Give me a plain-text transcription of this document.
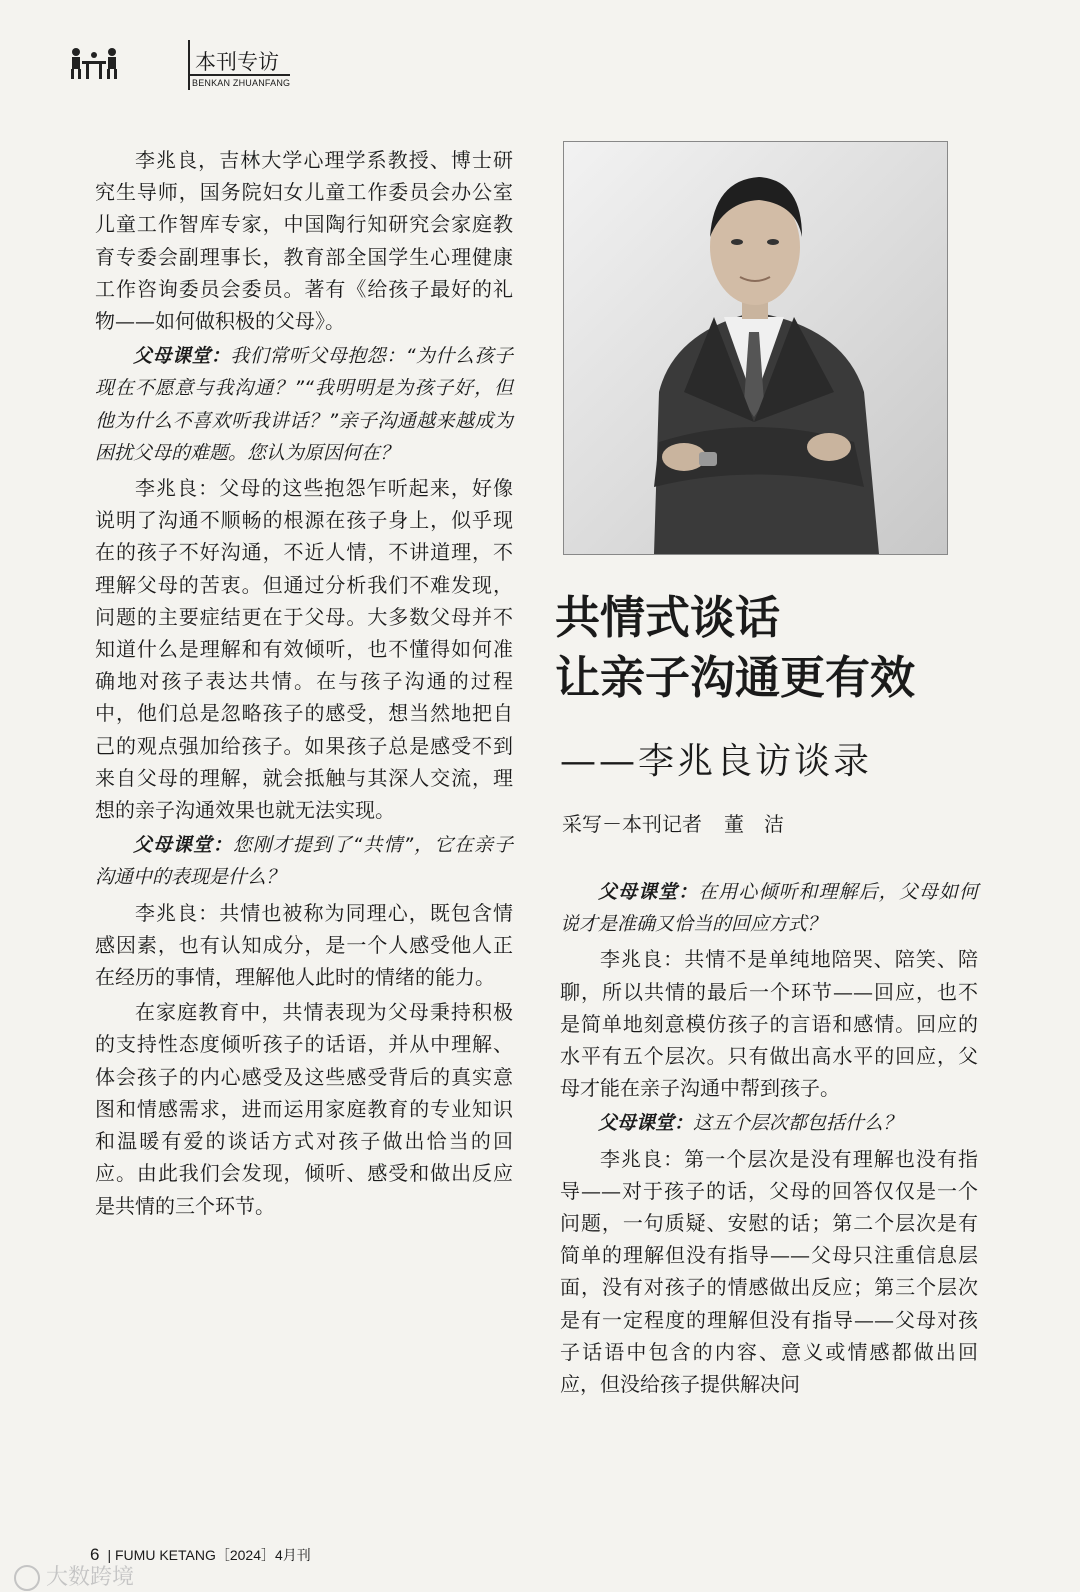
本刊专访
BENKAN ZHUANFANG

李兆良，吉林大学心理学系教授、博士研究生导师，国务院妇女儿童工作委员会办公室儿童工作智库专家，中国陶行知研究会家庭教育专委会副理事长，教育部全国学生心理健康工作咨询委员会委员。著有《给孩子最好的礼物——如何做积极的父母》。

父母课堂：我们常听父母抱怨：“为什么孩子现在不愿意与我沟通？”“我明明是为孩子好，但他为什么不喜欢听我讲话？”亲子沟通越来越成为困扰父母的难题。您认为原因何在？

李兆良：父母的这些抱怨乍听起来，好像说明了沟通不顺畅的根源在孩子身上，似乎现在的孩子不好沟通，不近人情，不讲道理，不理解父母的苦衷。但通过分析我们不难发现，问题的主要症结更在于父母。大多数父母并不知道什么是理解和有效倾听，也不懂得如何准确地对孩子表达共情。在与孩子沟通的过程中，他们总是忽略孩子的感受，想当然地把自己的观点强加给孩子。如果孩子总是感受不到来自父母的理解，就会抵触与其深人交流，理想的亲子沟通效果也就无法实现。

父母课堂：您刚才提到了“共情”，它在亲子沟通中的表现是什么？

李兆良：共情也被称为同理心，既包含情感因素，也有认知成分，是一个人感受他人正在经历的事情，理解他人此时的情绪的能力。

在家庭教育中，共情表现为父母秉持积极的支持性态度倾听孩子的话语，并从中理解、体会孩子的内心感受及这些感受背后的真实意图和情感需求，进而运用家庭教育的专业知识和温暖有爱的谈话方式对孩子做出恰当的回应。由此我们会发现，倾听、感受和做出反应是共情的三个环节。

共情式谈话
让亲子沟通更有效
——李兆良访谈录
采写－本刊记者 董　洁

父母课堂：在用心倾听和理解后，父母如何说才是准确又恰当的回应方式？

李兆良：共情不是单纯地陪哭、陪笑、陪聊，所以共情的最后一个环节——回应，也不是简单地刻意模仿孩子的言语和感情。回应的水平有五个层次。只有做出高水平的回应，父母才能在亲子沟通中帮到孩子。

父母课堂：这五个层次都包括什么？

李兆良：第一个层次是没有理解也没有指导——对于孩子的话，父母的回答仅仅是一个问题，一句质疑、安慰的话；第二个层次是有简单的理解但没有指导——父母只注重信息层面，没有对孩子的情感做出反应；第三个层次是有一定程度的理解但没有指导——父母对孩子话语中包含的内容、意义或情感都做出回应，但没给孩子提供解决问

6 | FUMU KETANG［2024］4月刊
大数跨境
